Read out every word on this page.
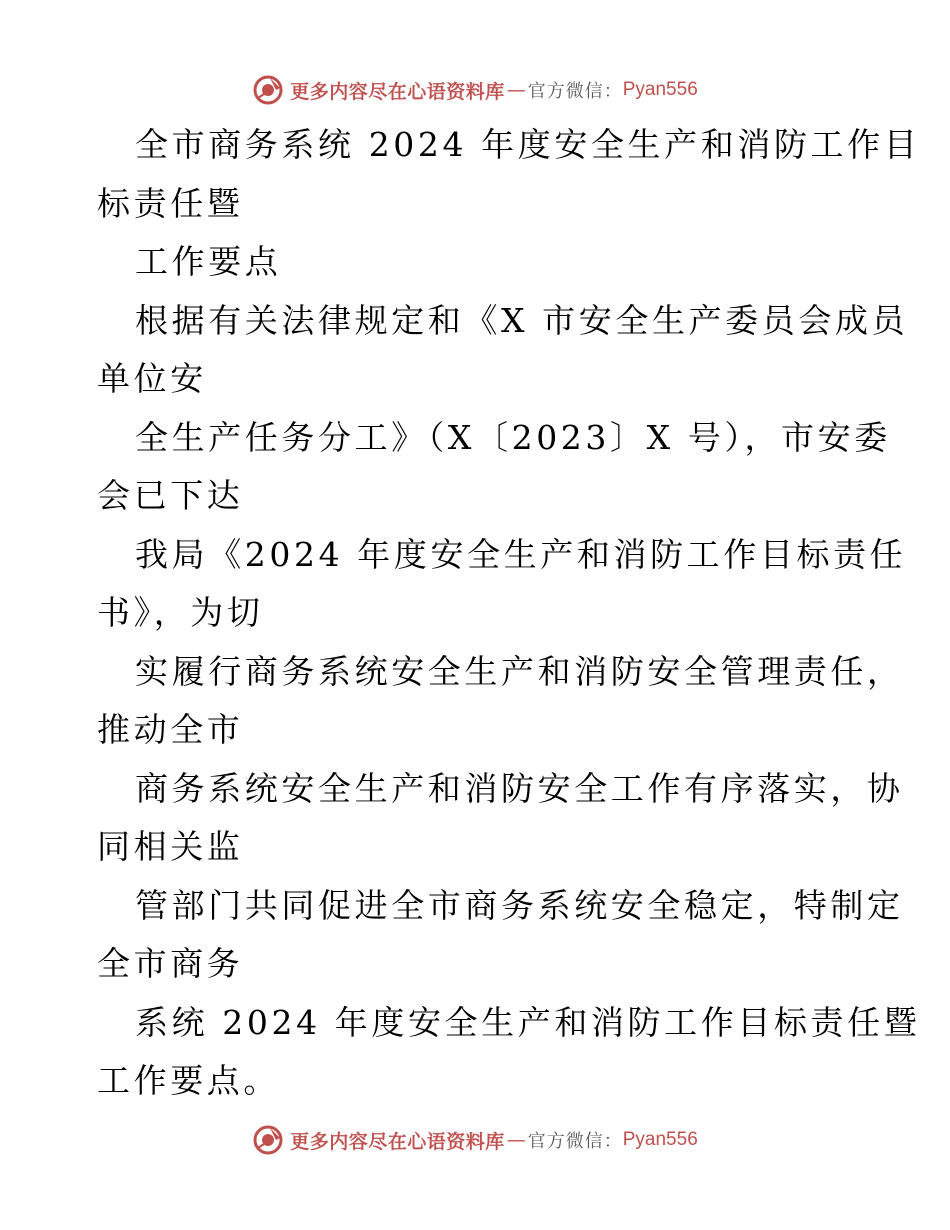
更多内容尽在心语资料库 — 官方微信： Pyan556
全市商务系统 2024 年度安全生产和消防工作目
标责任暨
工作要点
根据有关法律规定和《X 市安全生产委员会成员
单位安
全生产任务分工》（X〔2023〕X 号），市安委
会已下达
我局《2024 年度安全生产和消防工作目标责任
书》，为切
实履行商务系统安全生产和消防安全管理责任，
推动全市
商务系统安全生产和消防安全工作有序落实，协
同相关监
管部门共同促进全市商务系统安全稳定，特制定
全市商务
系统 2024 年度安全生产和消防工作目标责任暨
工作要点。
更多内容尽在心语资料库 — 官方微信： Pyan556
